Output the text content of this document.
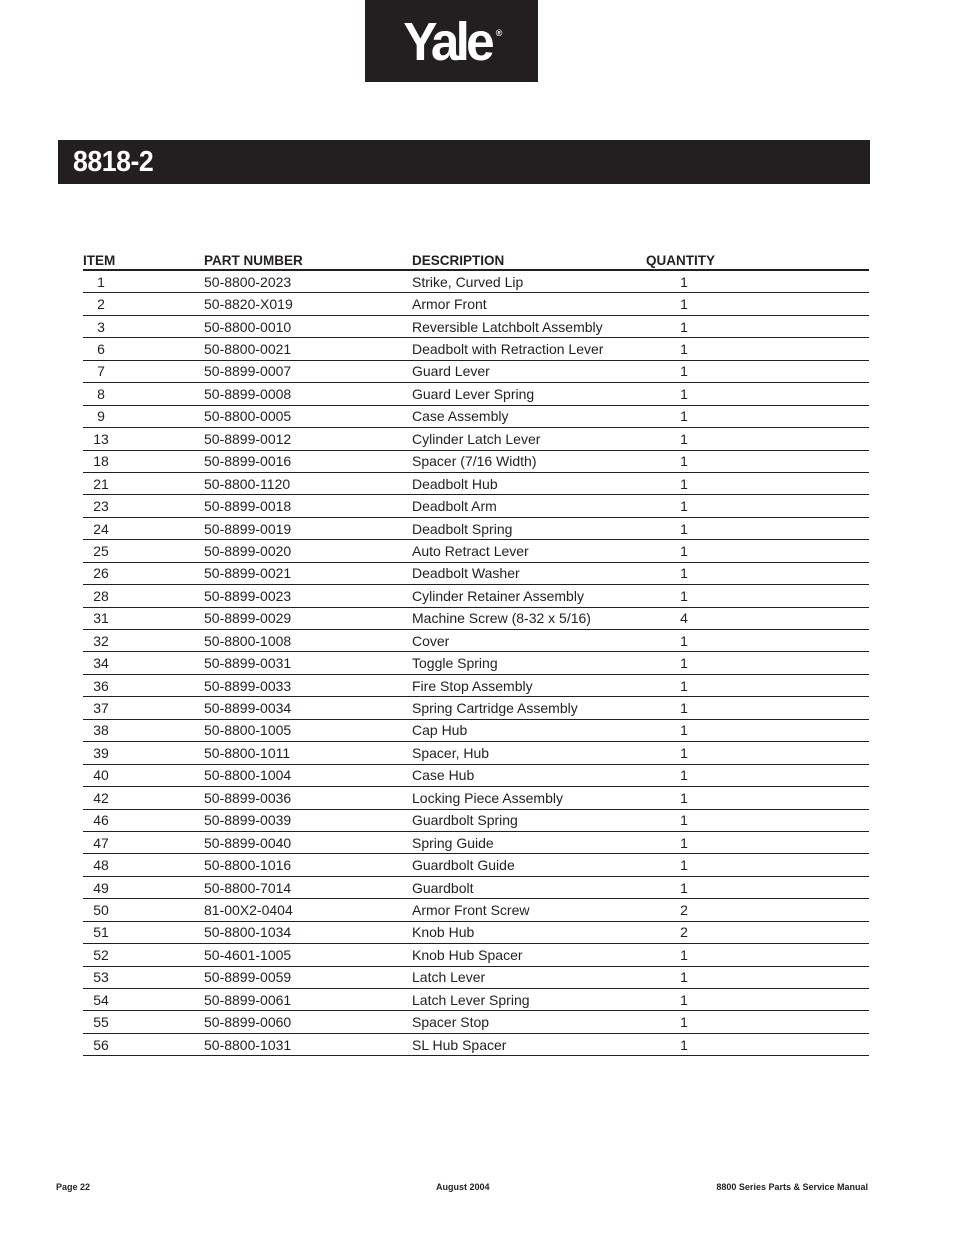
Yale ®
8818-2
ITEM	PART NUMBER	DESCRIPTION	QUANTITY
1	50-8800-2023	Strike, Curved Lip	1
2	50-8820-X019	Armor Front	1
3	50-8800-0010	Reversible Latchbolt Assembly	1
6	50-8800-0021	Deadbolt with Retraction Lever	1
7	50-8899-0007	Guard Lever	1
8	50-8899-0008	Guard Lever Spring	1
9	50-8800-0005	Case Assembly	1
13	50-8899-0012	Cylinder Latch Lever	1
18	50-8899-0016	Spacer (7/16 Width)	1
21	50-8800-1120	Deadbolt Hub	1
23	50-8899-0018	Deadbolt Arm	1
24	50-8899-0019	Deadbolt Spring	1
25	50-8899-0020	Auto Retract Lever	1
26	50-8899-0021	Deadbolt Washer	1
28	50-8899-0023	Cylinder Retainer Assembly	1
31	50-8899-0029	Machine Screw (8-32 x 5/16)	4
32	50-8800-1008	Cover	1
34	50-8899-0031	Toggle Spring	1
36	50-8899-0033	Fire Stop Assembly	1
37	50-8899-0034	Spring Cartridge Assembly	1
38	50-8800-1005	Cap Hub	1
39	50-8800-1011	Spacer, Hub	1
40	50-8800-1004	Case Hub	1
42	50-8899-0036	Locking Piece Assembly	1
46	50-8899-0039	Guardbolt Spring	1
47	50-8899-0040	Spring Guide	1
48	50-8800-1016	Guardbolt Guide	1
49	50-8800-7014	Guardbolt	1
50	81-00X2-0404	Armor Front Screw	2
51	50-8800-1034	Knob Hub	2
52	50-4601-1005	Knob Hub Spacer	1
53	50-8899-0059	Latch Lever	1
54	50-8899-0061	Latch Lever Spring	1
55	50-8899-0060	Spacer Stop	1
56	50-8800-1031	SL Hub Spacer	1
Page 22	August 2004	8800 Series Parts & Service Manual
